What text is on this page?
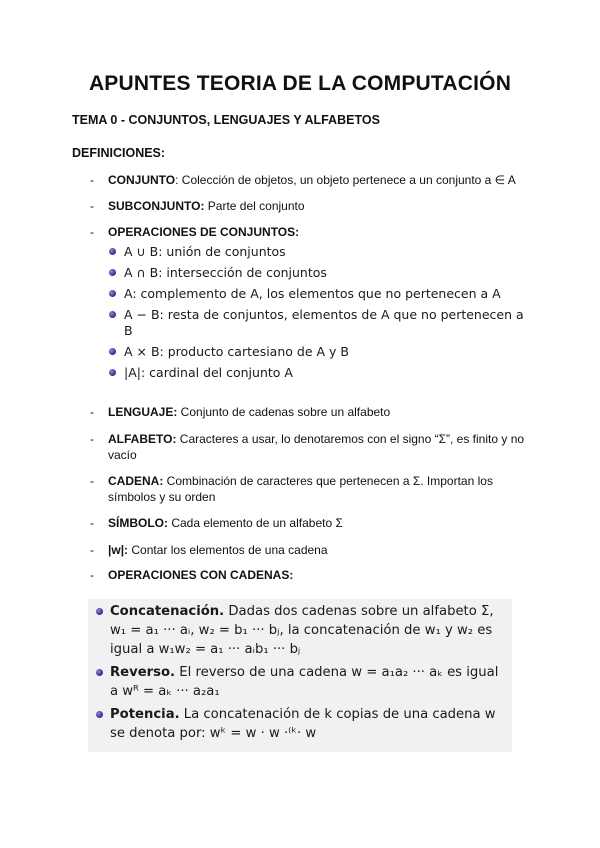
APUNTES TEORIA DE LA COMPUTACIÓN
TEMA 0 - CONJUNTOS, LENGUAJES Y ALFABETOS
DEFINICIONES:
-	CONJUNTO: Colección de objetos, un objeto pertenece a un conjunto a ∈ A
-	SUBCONJUNTO: Parte del conjunto
-	OPERACIONES DE CONJUNTOS:
A ∪ B: unión de conjuntos
A ∩ B: intersección de conjuntos
A: complemento de A, los elementos que no pertenecen a A
A − B: resta de conjuntos, elementos de A que no pertenecen a B
A × B: producto cartesiano de A y B
|A|: cardinal del conjunto A
-	LENGUAJE: Conjunto de cadenas sobre un alfabeto
-	ALFABETO: Caracteres a usar, lo denotaremos con el signo “Σ”, es finito y no vacío
-	CADENA: Combinación de caracteres que pertenecen a Σ. Importan los símbolos y su orden
-	SÍMBOLO: Cada elemento de un alfabeto Σ
-	|w|: Contar los elementos de una cadena
-	OPERACIONES CON CADENAS:
Concatenación. Dadas dos cadenas sobre un alfabeto Σ, w₁ = a₁ ··· aᵢ, w₂ = b₁ ··· bⱼ, la concatenación de w₁ y w₂ es igual a w₁w₂ = a₁ ··· aᵢb₁ ··· bⱼ
Reverso. El reverso de una cadena w = a₁a₂ ··· aₖ es igual a wᴿ = aₖ ··· a₂a₁
Potencia. La concatenación de k copias de una cadena w se denota por: wᵏ = w · w ·⁽ᵏ· w
